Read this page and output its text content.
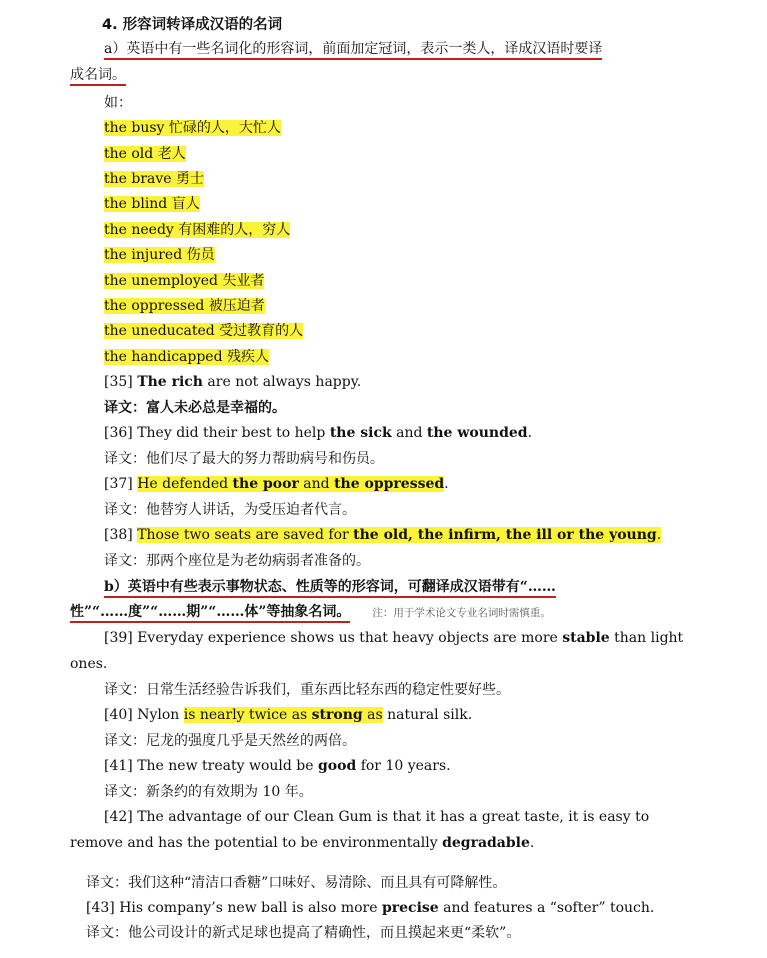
4. 形容词转译成汉语的名词
a）英语中有一些名词化的形容词，前面加定冠词，表示一类人，译成汉语时要译
成名词。
如：
the busy 忙碌的人，大忙人
the old 老人
the brave 勇士
the blind 盲人
the needy 有困难的人，穷人
the injured 伤员
the unemployed 失业者
the oppressed 被压迫者
the uneducated 受过教育的人
the handicapped 残疾人
[35] The rich are not always happy.
译文：富人未必总是幸福的。
[36] They did their best to help the sick and the wounded.
译文：他们尽了最大的努力帮助病号和伤员。
[37] He defended the poor and the oppressed.
译文：他替穷人讲话，为受压迫者代言。
[38] Those two seats are saved for the old, the infirm, the ill or the young.
译文：那两个座位是为老幼病弱者准备的。
b）英语中有些表示事物状态、性质等的形容词，可翻译成汉语带有“……
性”“……度”“……期”“……体”等抽象名词。 注：用于学术论文专业名词时需慎重。
[39] Everyday experience shows us that heavy objects are more stable than light
ones.
译文：日常生活经验告诉我们，重东西比轻东西的稳定性要好些。
[40] Nylon is nearly twice as strong as natural silk.
译文：尼龙的强度几乎是天然丝的两倍。
[41] The new treaty would be good for 10 years.
译文：新条约的有效期为 10 年。
[42] The advantage of our Clean Gum is that it has a great taste, it is easy to
remove and has the potential to be environmentally degradable.
译文：我们这种“清洁口香糖”口味好、易清除、而且具有可降解性。
[43] His company’s new ball is also more precise and features a “softer” touch.
译文：他公司设计的新式足球也提高了精确性，而且摸起来更“柔软”。
